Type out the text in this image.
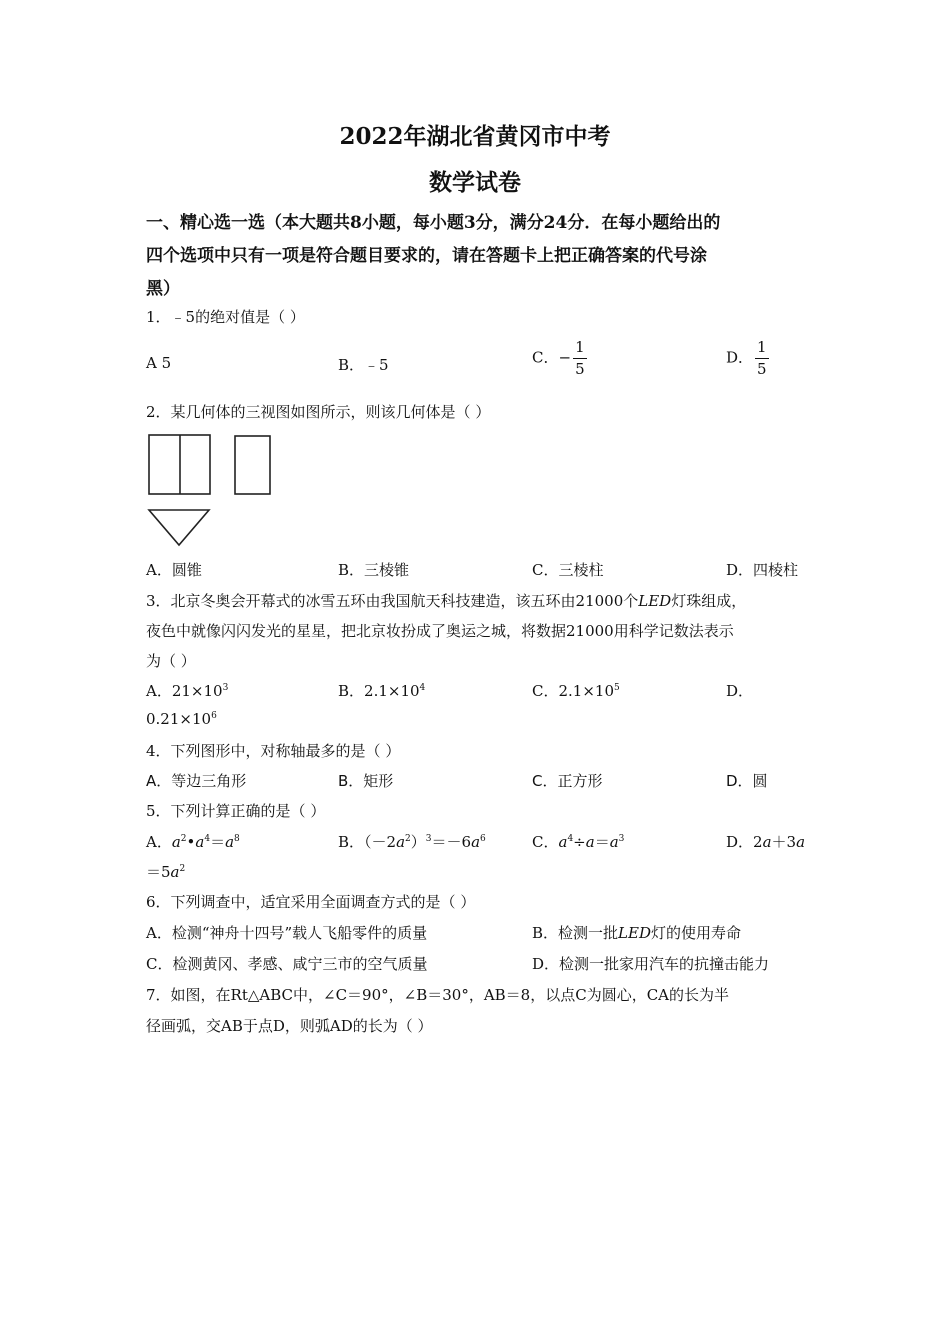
2022年湖北省黄冈市中考
数学试卷
一、精心选一选（本大题共8小题，每小题3分，满分24分．在每小题给出的
四个选项中只有一项是符合题目要求的，请在答题卡上把正确答案的代号涂
黑）
1．﹣5的绝对值是（ ）
A 5	B．﹣5	C．− $\frac{1}{5}$	D． $\frac{1}{5}$
2．某几何体的三视图如图所示，则该几何体是（ ）
A．圆锥	B．三棱锥	C．三棱柱	D．四棱柱
3．北京冬奥会开幕式的冰雪五环由我国航天科技建造，该五环由21000个LED灯珠组成，
夜色中就像闪闪发光的星星，把北京妆扮成了奥运之城，将数据21000用科学记数法表示
为（ ）
A．$21\times 10^3$	B．$2.1\times 10^4$	C．$2.1\times 10^5$	D．
$0.21\times 10^6$
4．下列图形中，对称轴最多的是（ ）
A．等边三角形	B．矩形	C．正方形	D．圆
5．下列计算正确的是（ ）
A．$a^2•a^4=a^8$	B．$(-2a^2)^3=-6a^6$	C．$a^4\div a=a^3$	D．2a＋3a
$=5a^2$
6．下列调查中，适宜采用全面调查方式的是（ ）
A．检测“神舟十四号”载人飞船零件的质量	B．检测一批LED灯的使用寿命
C．检测黄冈、孝感、咸宁三市的空气质量	D．检测一批家用汽车的抗撞击能力
7．如图，在Rt△ABC中，∠C＝90°，∠B＝30°，AB＝8，以点C为圆心，CA的长为半
径画弧，交AB于点D，则弧AD的长为（ ）
